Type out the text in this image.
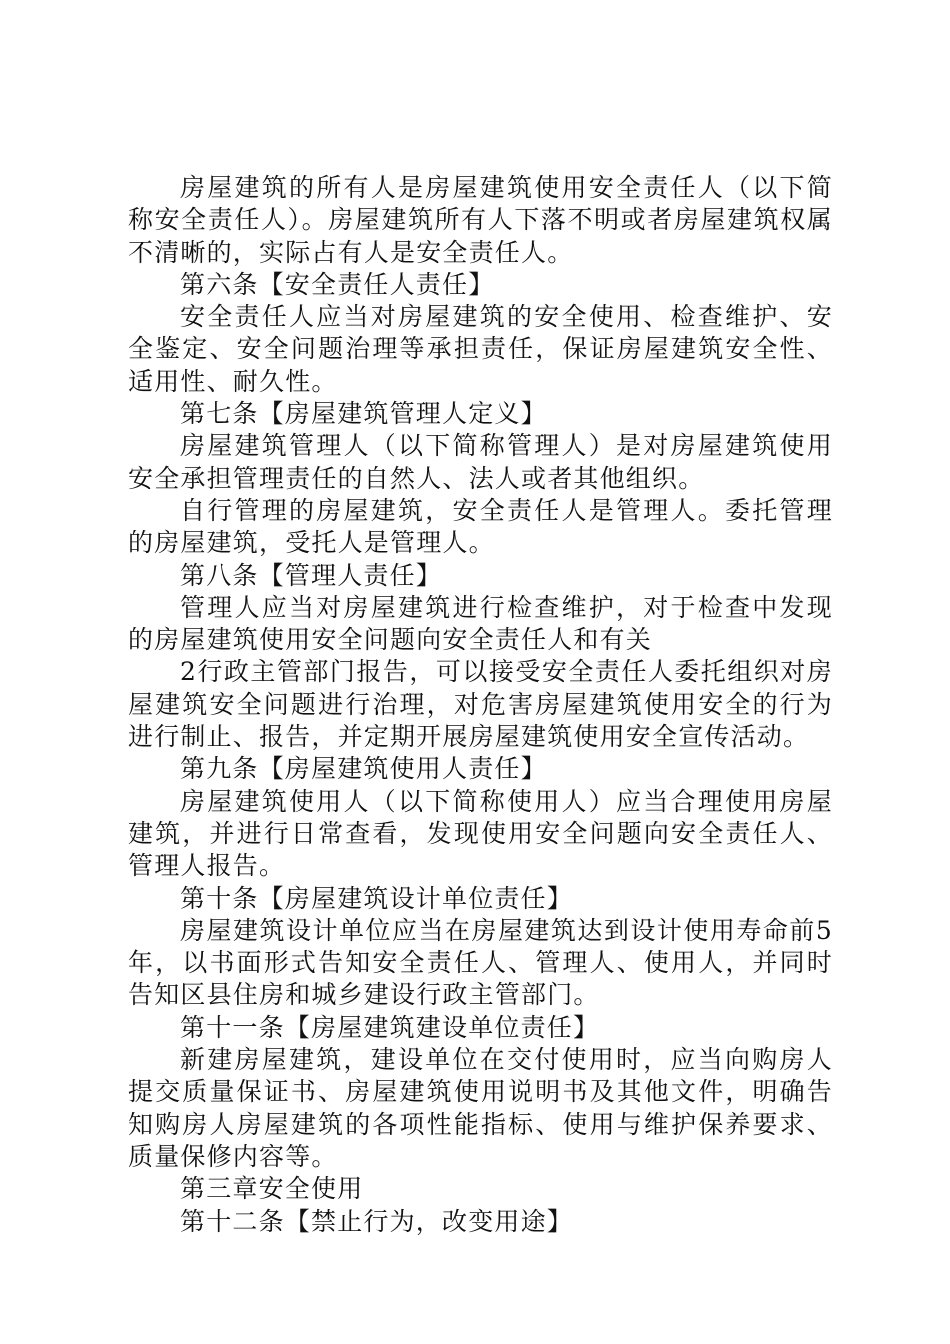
房屋建筑的所有人是房屋建筑使用安全责任人（以下简称安全责任人）。房屋建筑所有人下落不明或者房屋建筑权属不清晰的，实际占有人是安全责任人。

第六条【安全责任人责任】

安全责任人应当对房屋建筑的安全使用、检查维护、安全鉴定、安全问题治理等承担责任，保证房屋建筑安全性、适用性、耐久性。

第七条【房屋建筑管理人定义】

房屋建筑管理人（以下简称管理人）是对房屋建筑使用安全承担管理责任的自然人、法人或者其他组织。

自行管理的房屋建筑，安全责任人是管理人。委托管理的房屋建筑，受托人是管理人。

第八条【管理人责任】

管理人应当对房屋建筑进行检查维护，对于检查中发现的房屋建筑使用安全问题向安全责任人和有关

2行政主管部门报告，可以接受安全责任人委托组织对房屋建筑安全问题进行治理，对危害房屋建筑使用安全的行为进行制止、报告，并定期开展房屋建筑使用安全宣传活动。

第九条【房屋建筑使用人责任】

房屋建筑使用人（以下简称使用人）应当合理使用房屋建筑，并进行日常查看，发现使用安全问题向安全责任人、管理人报告。

第十条【房屋建筑设计单位责任】

房屋建筑设计单位应当在房屋建筑达到设计使用寿命前5年，以书面形式告知安全责任人、管理人、使用人，并同时告知区县住房和城乡建设行政主管部门。

第十一条【房屋建筑建设单位责任】

新建房屋建筑，建设单位在交付使用时，应当向购房人提交质量保证书、房屋建筑使用说明书及其他文件，明确告知购房人房屋建筑的各项性能指标、使用与维护保养要求、质量保修内容等。

第三章安全使用

第十二条【禁止行为，改变用途】
